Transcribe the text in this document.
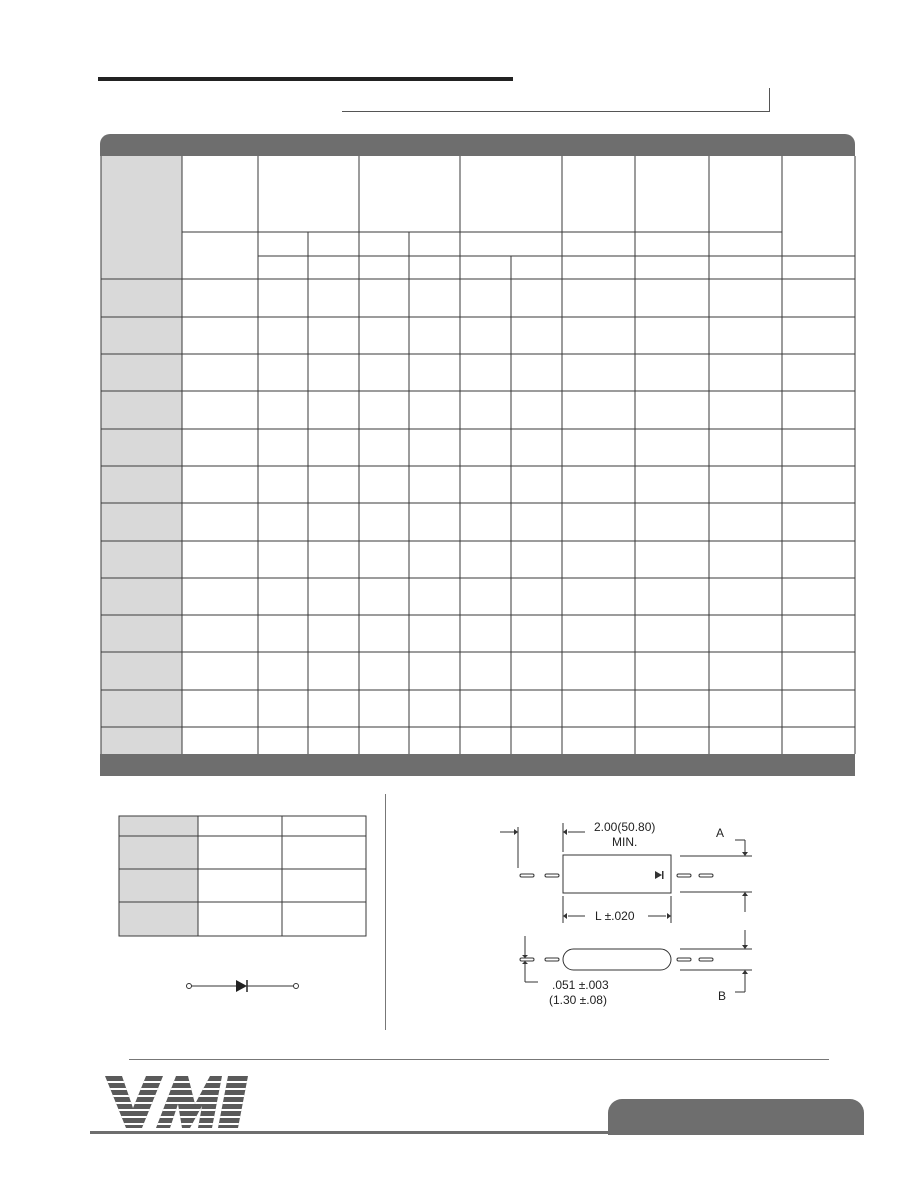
2.00(50.80)
MIN.
L ±.020
.051 ±.003
(1.30 ±.08)
A
B
